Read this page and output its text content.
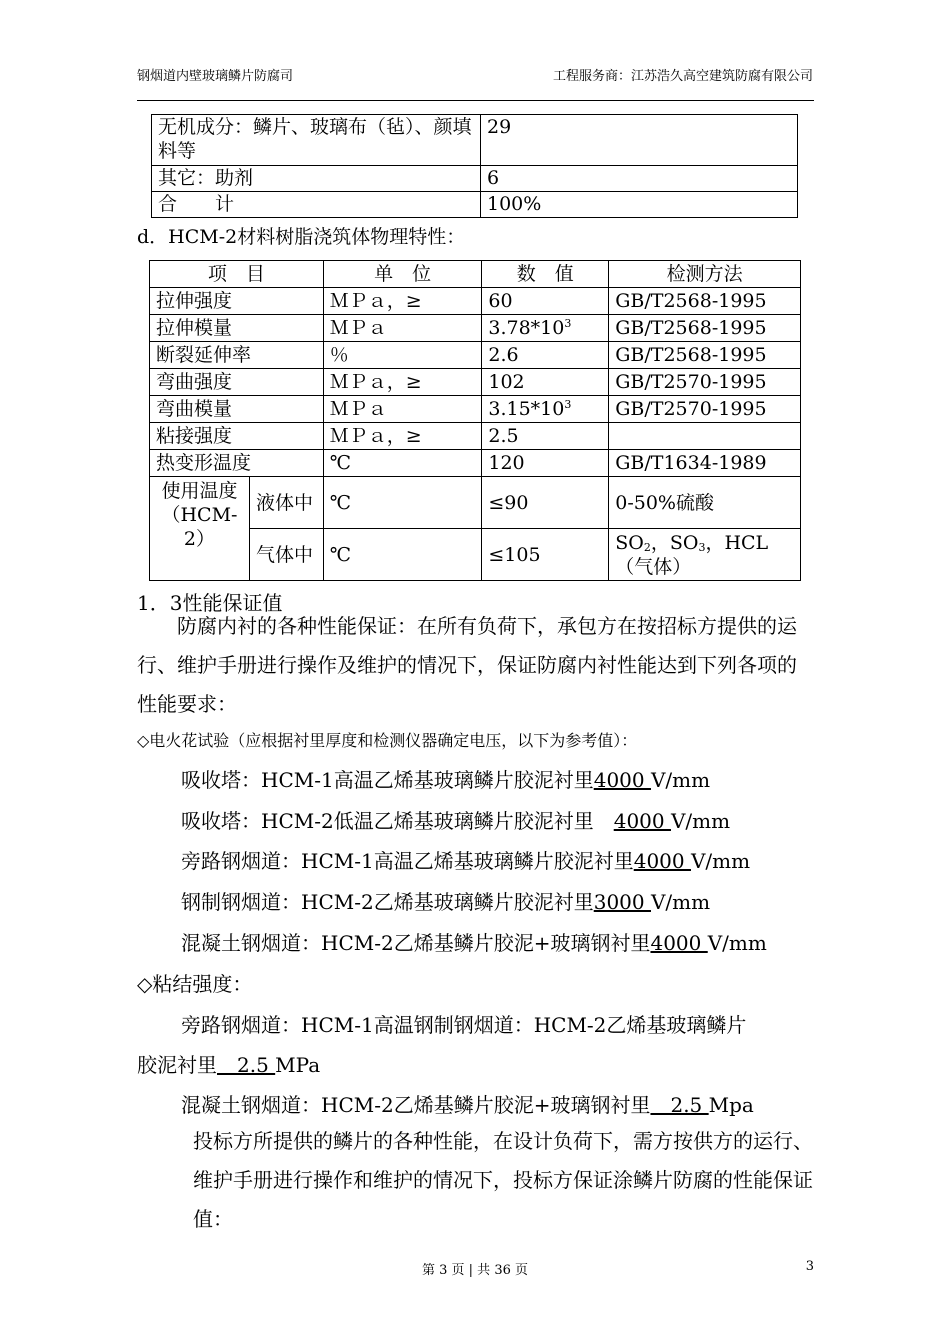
钢烟道内壁玻璃鳞片防腐司	工程服务商：江苏浩久高空建筑防腐有限公司
无机成分：鳞片、玻璃布（毡）、颜填料等	29
其它：助剂	6
合　　计	100%
d．HCM-2材料树脂浇筑体物理特性：
项　目		单　位	数　值	检测方法
拉伸强度		ＭＰａ，≥	60	GB/T2568-1995
拉伸模量		ＭＰａ	$3.78*10^3$	GB/T2568-1995
断裂延伸率		％	2.6	GB/T2568-1995
弯曲强度		ＭＰａ，≥	102	GB/T2570-1995
弯曲模量		ＭＰａ	$3.15*10^3$	GB/T2570-1995
粘接强度		ＭＰａ，≥	2.5	
热变形温度		℃	120	GB/T1634-1989
使用温度（HCM-2）	液体中	℃	≤90	0-50%硫酸
	气体中	℃	≤105	$SO_2$，$SO_3$，HCL（气体）
1．3性能保证值
防腐内衬的各种性能保证：在所有负荷下，承包方在按招标方提供的运行、维护手册进行操作及维护的情况下，保证防腐内衬性能达到下列各项的性能要求：
◇电火花试验（应根据衬里厚度和检测仪器确定电压，以下为参考值）：
吸收塔：HCM-1高温乙烯基玻璃鳞片胶泥衬里4000 V/mm
吸收塔：HCM-2低温乙烯基玻璃鳞片胶泥衬里　4000 V/mm
旁路钢烟道：HCM-1高温乙烯基玻璃鳞片胶泥衬里4000 V/mm
钢制钢烟道：HCM-2乙烯基玻璃鳞片胶泥衬里3000 V/mm
混凝土钢烟道：HCM-2乙烯基鳞片胶泥+玻璃钢衬里4000 V/mm
◇粘结强度：
旁路钢烟道：HCM-1高温钢制钢烟道：HCM-2乙烯基玻璃鳞片
胶泥衬里　2.5 MPa
混凝土钢烟道：HCM-2乙烯基鳞片胶泥+玻璃钢衬里　2.5 Mpa
投标方所提供的鳞片的各种性能，在设计负荷下，需方按供方的运行、维护手册进行操作和维护的情况下，投标方保证涂鳞片防腐的性能保证值：
第 3 页 | 共 36 页	3
